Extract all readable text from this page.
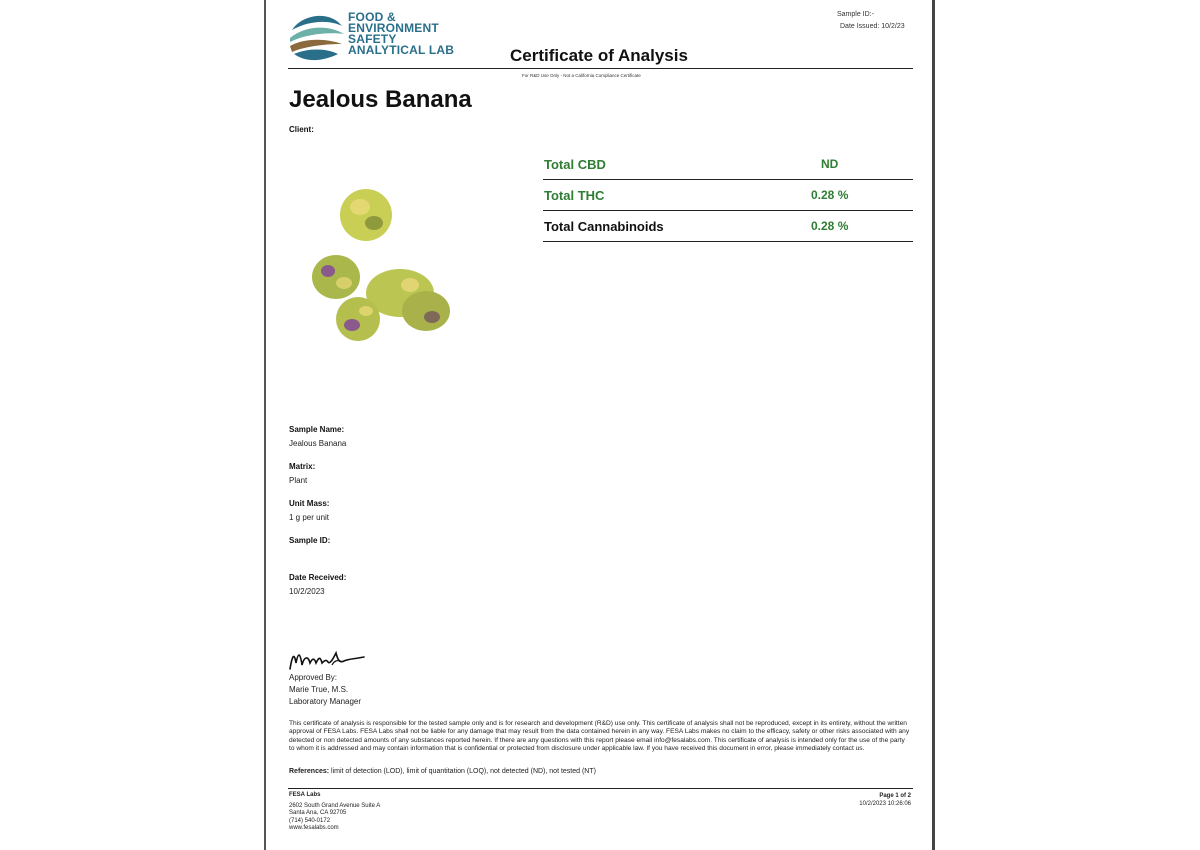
FOOD &
ENVIRONMENT
SAFETY
ANALYTICAL LAB
Sample ID:-
Date Issued: 10/2/23
Certificate of Analysis
For R&D Use Only - Not a California Compliance Certificate
Jealous Banana
Client:
Total CBD	ND
Total THC	0.28 %
Total Cannabinoids	0.28 %
Sample Name:
Jealous Banana
Matrix:
Plant
Unit Mass:
1 g per unit
Sample ID:
Date Received:
10/2/2023
Approved By:
Marie True, M.S.
Laboratory Manager
This certificate of analysis is responsible for the tested sample only and is for research and development (R&D) use only. This certificate of analysis shall not be reproduced, except in its entirety, without the written approval of FESA Labs. FESA Labs shall not be liable for any damage that may result from the data contained herein in any way. FESA Labs makes no claim to the efficacy, safety or other risks associated with any detected or non detected amounts of any substances reported herein. If there are any questions with this report please email info@fesalabs.com. This certificate of analysis is intended only for the use of the party to whom it is addressed and may contain information that is confidential or protected from disclosure under applicable law. If you have received this document in error, please immediately contact us.
References: limit of detection (LOD), limit of quantitation (LOQ), not detected (ND), not tested (NT)
FESA Labs
2602 South Grand Avenue Suite A
Santa Ana, CA 92705
(714) 540-0172
www.fesalabs.com
Page 1 of 2
10/2/2023 10:26:06
